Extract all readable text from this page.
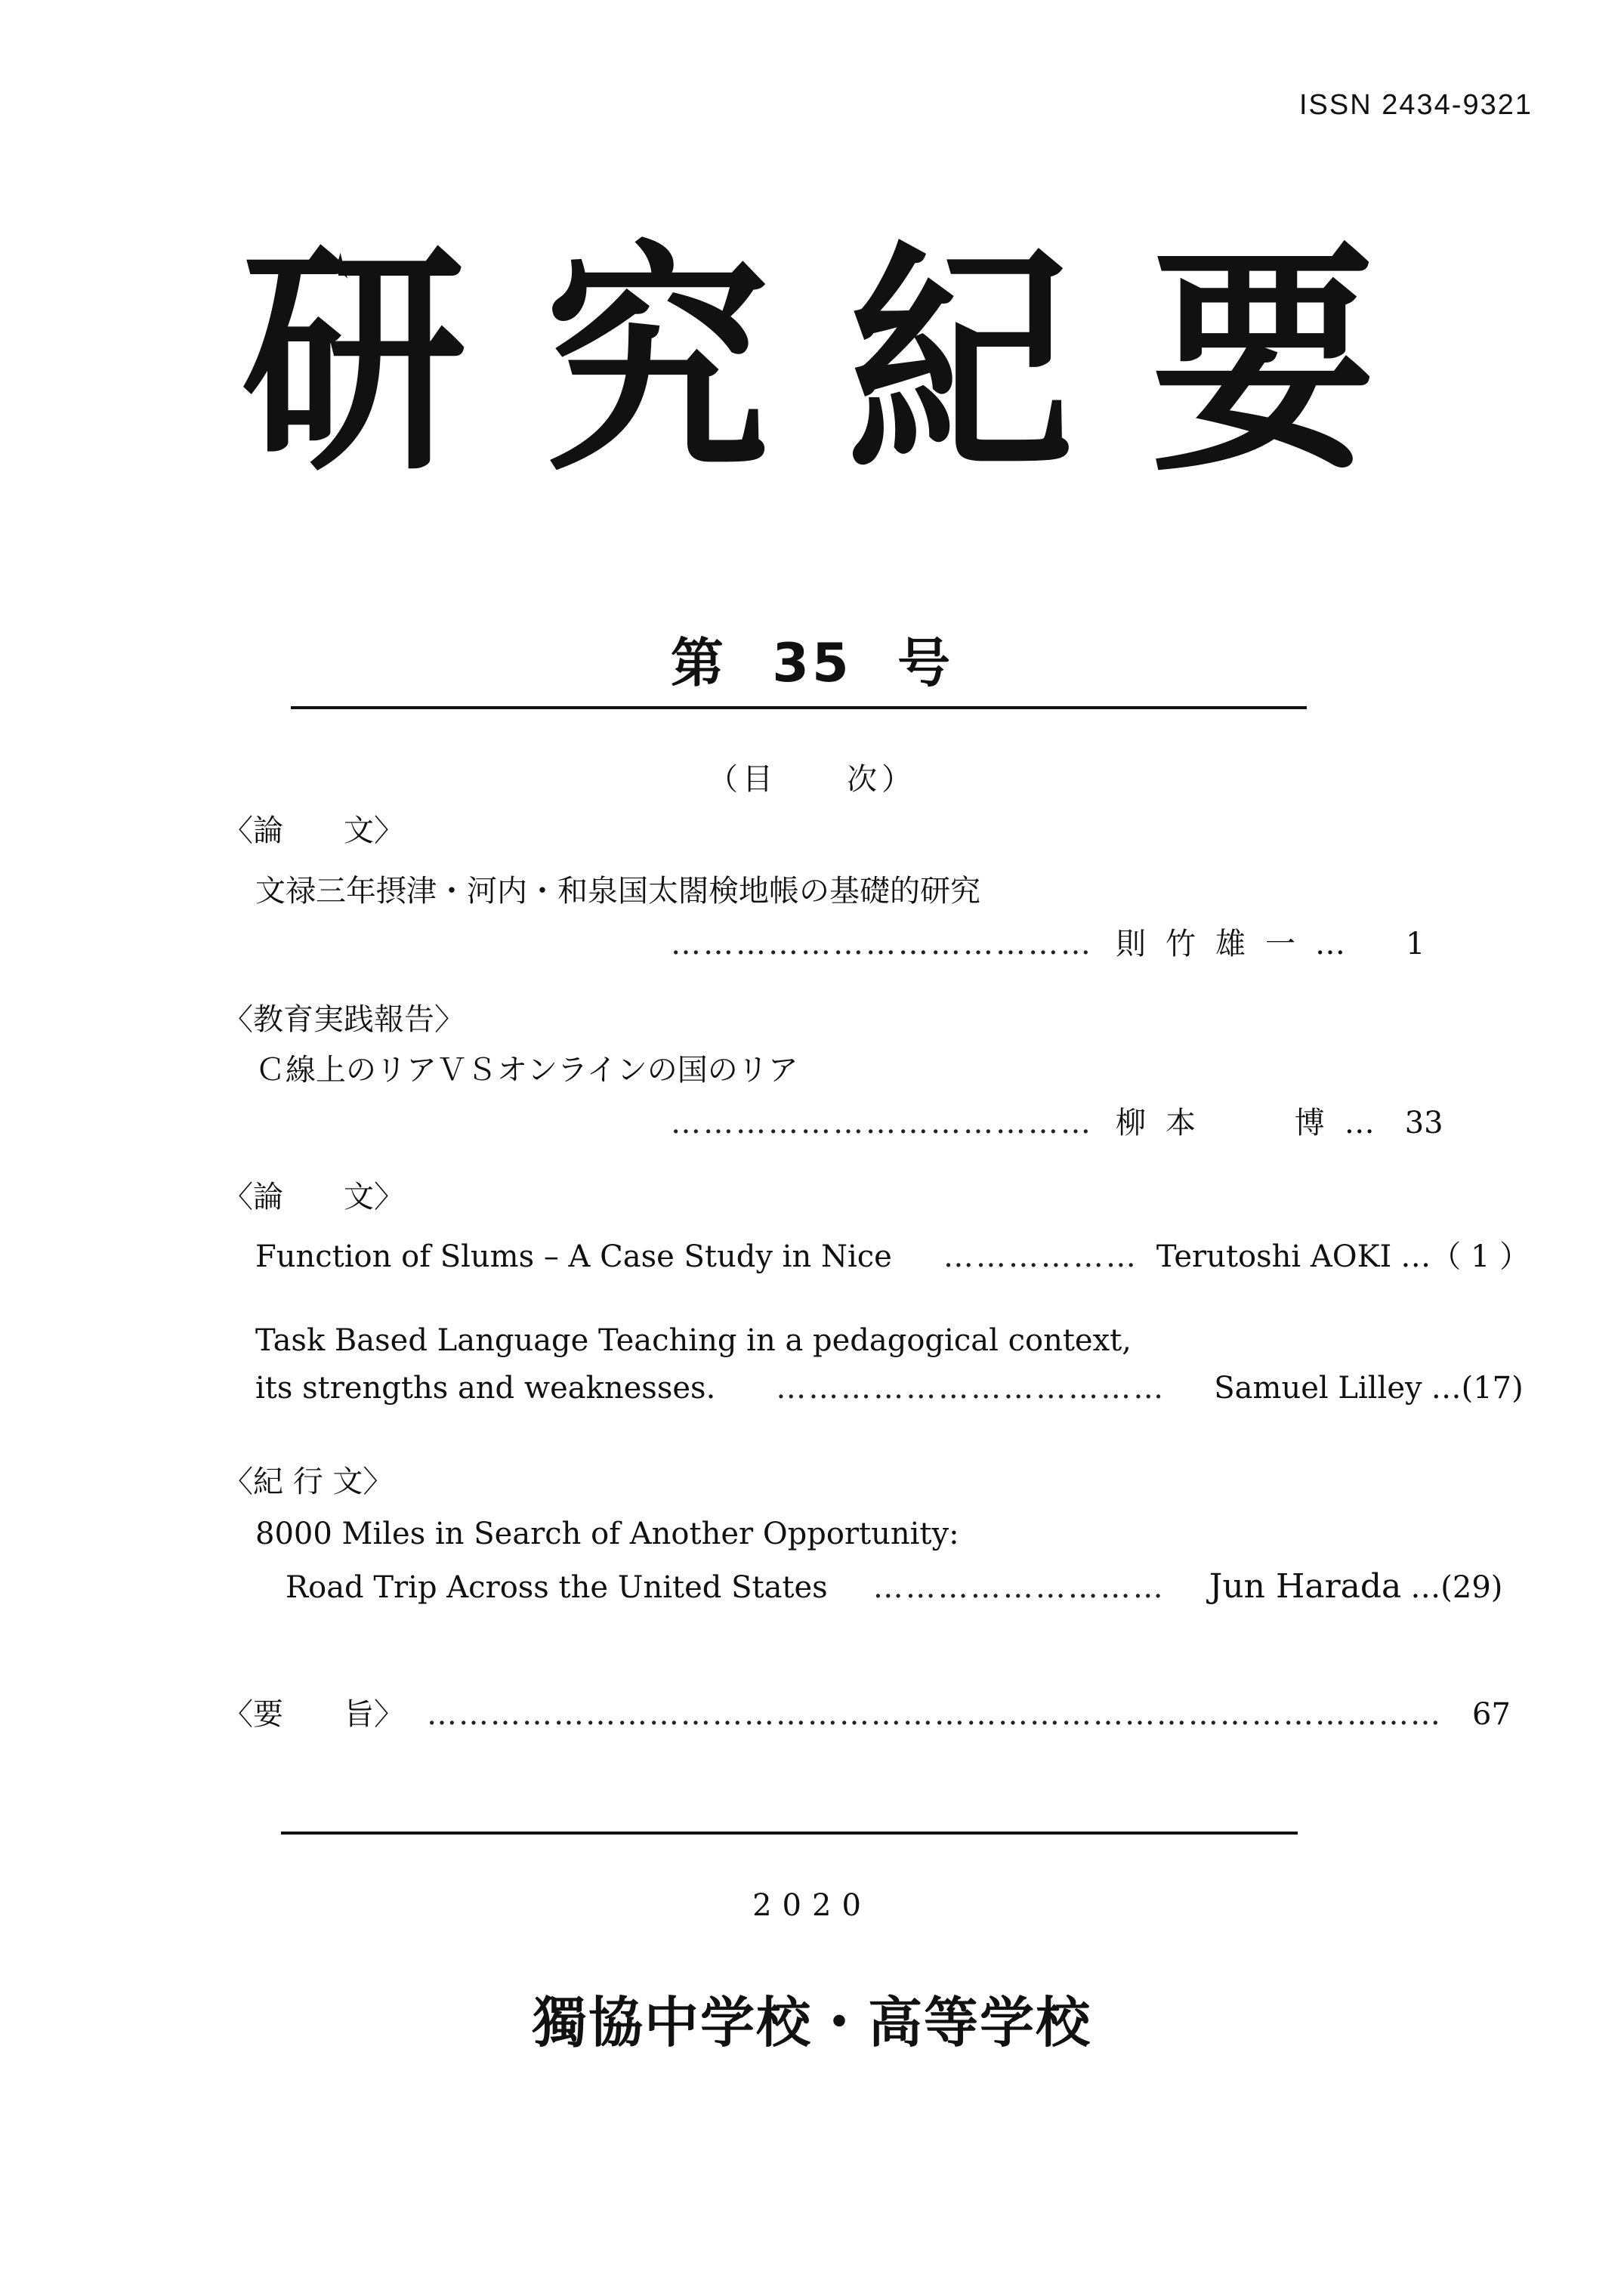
ISSN 2434-9321
研 究 紀 要
第 35 号
（目　　次）
〈論　　文〉
文禄三年摂津・河内・和泉国太閤検地帳の基礎的研究
………………………………… 則竹雄一 …　　1
〈教育実践報告〉
Ｃ線上のリアＶＳオンラインの国のリア
………………………………… 柳本　 博 …　33
〈論　　文〉
Function of Slums – A Case Study in Nice ……………… Terutoshi AOKI …（ 1 ）
Task Based Language Teaching in a pedagogical context,
its strengths and weaknesses. ……………………………… Samuel Lilley …(17)
〈紀 行 文〉
8000 Miles in Search of Another Opportunity:
Road Trip Across the United States ……………………… Jun Harada …(29)
〈要　　旨〉 …………………………………………………………………………………… 67
2020
獨協中学校・高等学校
